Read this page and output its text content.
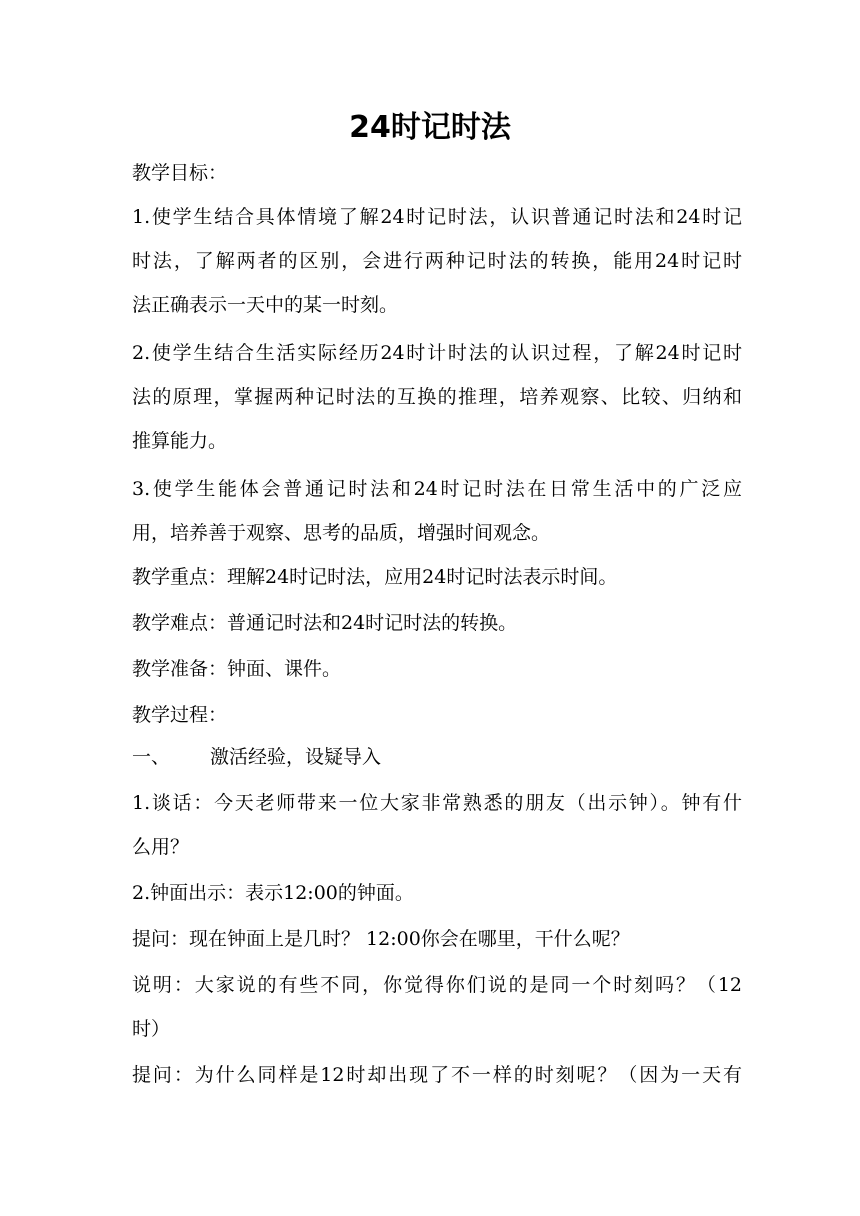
24时记时法
教学目标：
1.使学生结合具体情境了解24时记时法，认识普通记时法和24时记
时法，了解两者的区别，会进行两种记时法的转换，能用24时记时
法正确表示一天中的某一时刻。
2.使学生结合生活实际经历24时计时法的认识过程，了解24时记时
法的原理，掌握两种记时法的互换的推理，培养观察、比较、归纳和
推算能力。
3.使学生能体会普通记时法和24时记时法在日常生活中的广泛应
用，培养善于观察、思考的品质，增强时间观念。
教学重点：理解24时记时法，应用24时记时法表示时间。
教学难点：普通记时法和24时记时法的转换。
教学准备：钟面、课件。
教学过程：
一、 激活经验，设疑导入
1.谈话：今天老师带来一位大家非常熟悉的朋友（出示钟）。钟有什
么用？
2.钟面出示：表示12:00的钟面。
提问：现在钟面上是几时？ 12:00你会在哪里，干什么呢？
说明：大家说的有些不同，你觉得你们说的是同一个时刻吗？（12
时）
提问：为什么同样是12时却出现了不一样的时刻呢？（因为一天有
